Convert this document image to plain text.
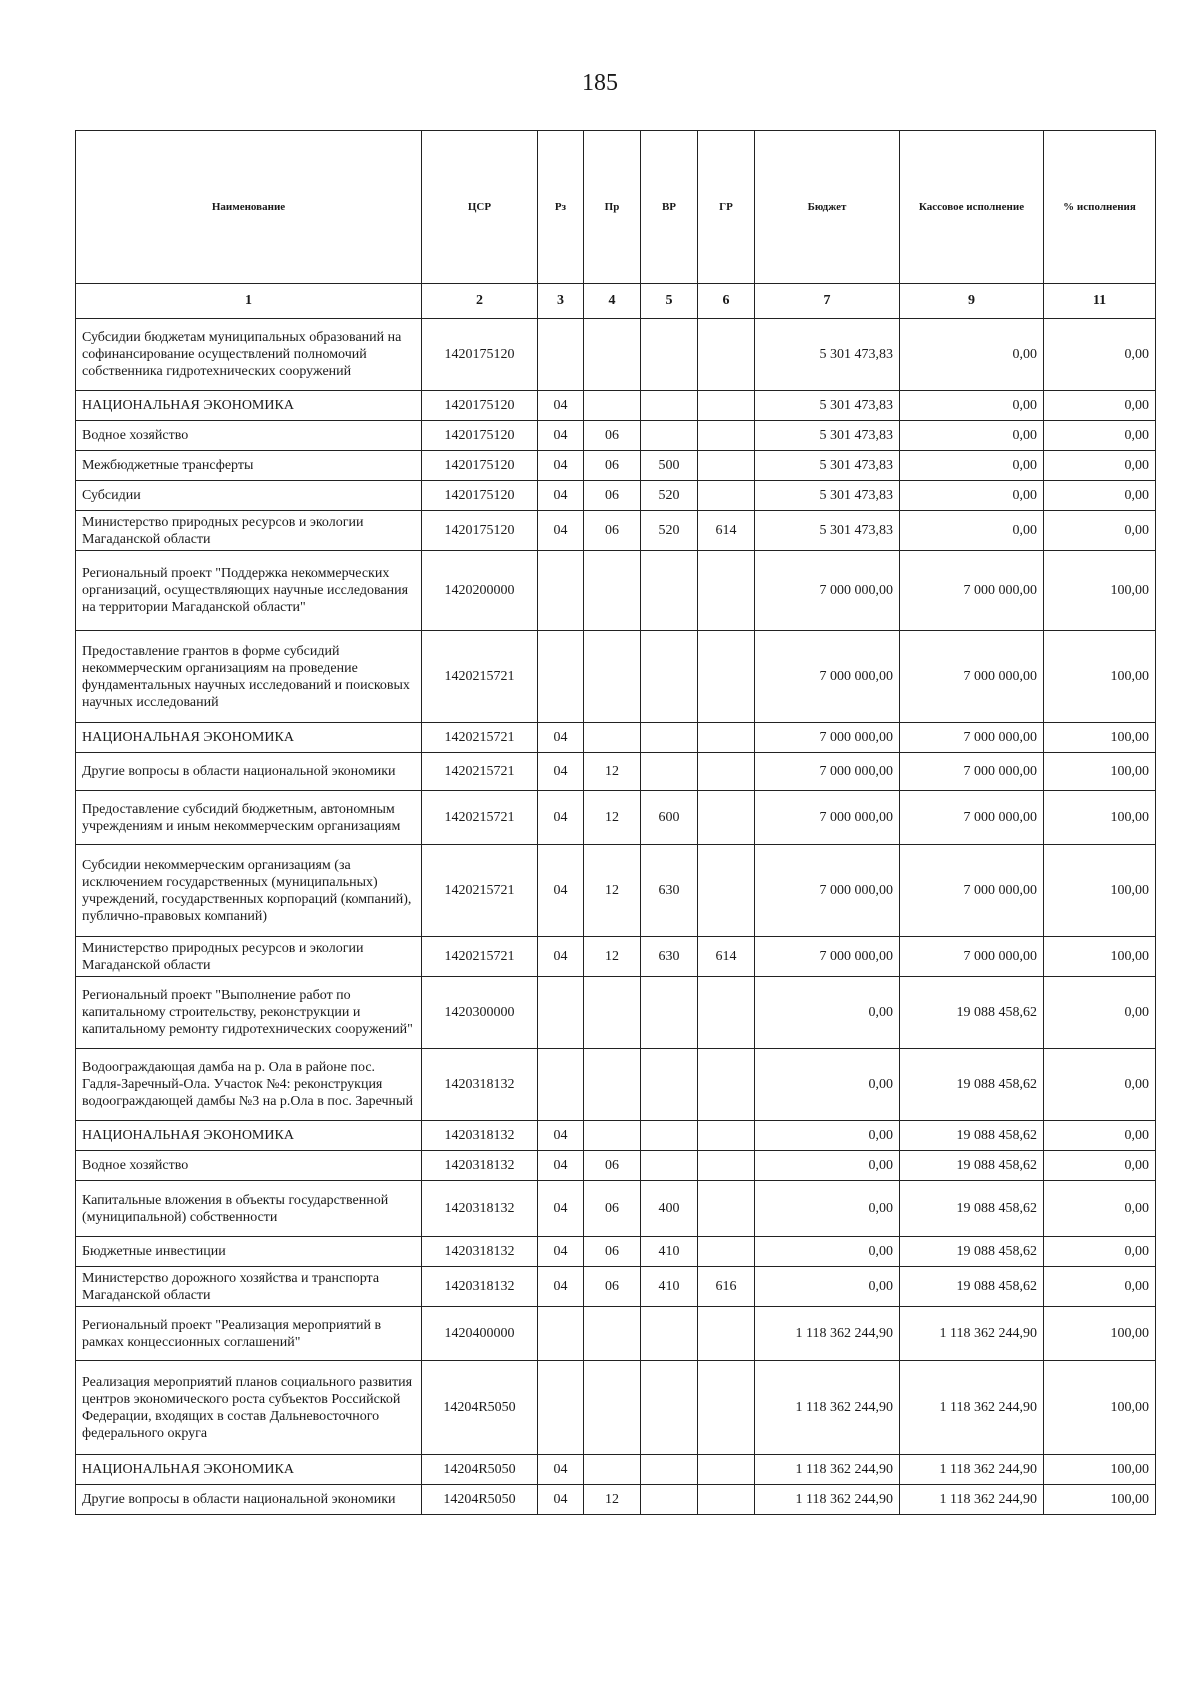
185
Наименование	ЦСР	Рз	Пр	ВР	ГР	Бюджет	Кассовое исполнение	% исполнения
1	2	3	4	5	6	7	9	11
Субсидии бюджетам муниципальных образований на софинансирование осуществлений полномочий собственника гидротехнических сооружений	1420175120					5 301 473,83	0,00	0,00
НАЦИОНАЛЬНАЯ ЭКОНОМИКА	1420175120	04				5 301 473,83	0,00	0,00
Водное хозяйство	1420175120	04	06			5 301 473,83	0,00	0,00
Межбюджетные трансферты	1420175120	04	06	500		5 301 473,83	0,00	0,00
Субсидии	1420175120	04	06	520		5 301 473,83	0,00	0,00
Министерство природных ресурсов и экологии Магаданской области	1420175120	04	06	520	614	5 301 473,83	0,00	0,00
Региональный проект "Поддержка некоммерческих организаций, осуществляющих научные исследования на территории Магаданской области"	1420200000					7 000 000,00	7 000 000,00	100,00
Предоставление грантов в форме субсидий некоммерческим организациям на проведение фундаментальных научных исследований и поисковых научных исследований	1420215721					7 000 000,00	7 000 000,00	100,00
НАЦИОНАЛЬНАЯ ЭКОНОМИКА	1420215721	04				7 000 000,00	7 000 000,00	100,00
Другие вопросы в области национальной экономики	1420215721	04	12			7 000 000,00	7 000 000,00	100,00
Предоставление субсидий бюджетным, автономным учреждениям и иным некоммерческим организациям	1420215721	04	12	600		7 000 000,00	7 000 000,00	100,00
Субсидии некоммерческим организациям (за исключением государственных (муниципальных) учреждений, государственных корпораций (компаний), публично-правовых компаний)	1420215721	04	12	630		7 000 000,00	7 000 000,00	100,00
Министерство природных ресурсов и экологии Магаданской области	1420215721	04	12	630	614	7 000 000,00	7 000 000,00	100,00
Региональный проект "Выполнение работ по капитальному строительству, реконструкции и капитальному ремонту гидротехнических сооружений"	1420300000					0,00	19 088 458,62	0,00
Водоограждающая дамба на р. Ола в районе пос. Гадля-Заречный-Ола. Участок №4: реконструкция водоограждающей дамбы №3 на р.Ола в пос. Заречный	1420318132					0,00	19 088 458,62	0,00
НАЦИОНАЛЬНАЯ ЭКОНОМИКА	1420318132	04				0,00	19 088 458,62	0,00
Водное хозяйство	1420318132	04	06			0,00	19 088 458,62	0,00
Капитальные вложения в объекты государственной (муниципальной) собственности	1420318132	04	06	400		0,00	19 088 458,62	0,00
Бюджетные инвестиции	1420318132	04	06	410		0,00	19 088 458,62	0,00
Министерство дорожного хозяйства и транспорта Магаданской области	1420318132	04	06	410	616	0,00	19 088 458,62	0,00
Региональный проект "Реализация мероприятий в рамках концессионных соглашений"	1420400000					1 118 362 244,90	1 118 362 244,90	100,00
Реализация мероприятий планов социального развития центров экономического роста субъектов Российской Федерации, входящих в состав Дальневосточного федерального округа	14204R5050					1 118 362 244,90	1 118 362 244,90	100,00
НАЦИОНАЛЬНАЯ ЭКОНОМИКА	14204R5050	04				1 118 362 244,90	1 118 362 244,90	100,00
Другие вопросы в области национальной экономики	14204R5050	04	12			1 118 362 244,90	1 118 362 244,90	100,00
